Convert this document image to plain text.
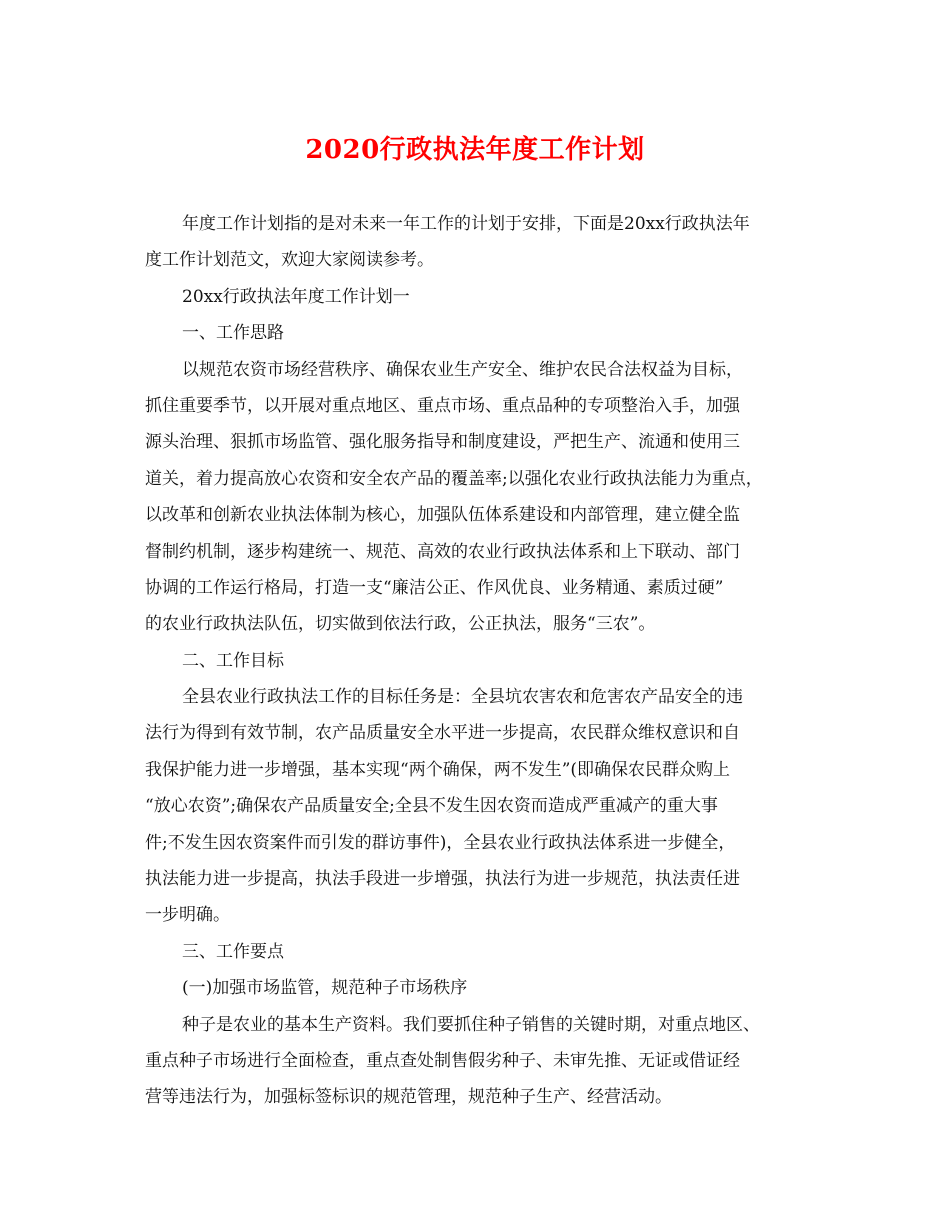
2020行政执法年度工作计划
年度工作计划指的是对未来一年工作的计划于安排，下面是20xx行政执法年
度工作计划范文，欢迎大家阅读参考。
20xx行政执法年度工作计划一
一、工作思路
以规范农资市场经营秩序、确保农业生产安全、维护农民合法权益为目标，
抓住重要季节，以开展对重点地区、重点市场、重点品种的专项整治入手，加强
源头治理、狠抓市场监管、强化服务指导和制度建设，严把生产、流通和使用三
道关，着力提高放心农资和安全农产品的覆盖率;以强化农业行政执法能力为重点，
以改革和创新农业执法体制为核心，加强队伍体系建设和内部管理，建立健全监
督制约机制，逐步构建统一、规范、高效的农业行政执法体系和上下联动、部门
协调的工作运行格局，打造一支“廉洁公正、作风优良、业务精通、素质过硬”
的农业行政执法队伍，切实做到依法行政，公正执法，服务“三农”。
二、工作目标
全县农业行政执法工作的目标任务是：全县坑农害农和危害农产品安全的违
法行为得到有效节制，农产品质量安全水平进一步提高，农民群众维权意识和自
我保护能力进一步增强，基本实现“两个确保，两不发生”(即确保农民群众购上
“放心农资”;确保农产品质量安全;全县不发生因农资而造成严重减产的重大事
件;不发生因农资案件而引发的群访事件)，全县农业行政执法体系进一步健全，
执法能力进一步提高，执法手段进一步增强，执法行为进一步规范，执法责任进
一步明确。
三、工作要点
(一)加强市场监管，规范种子市场秩序
种子是农业的基本生产资料。我们要抓住种子销售的关键时期，对重点地区、
重点种子市场进行全面检查，重点查处制售假劣种子、未审先推、无证或借证经
营等违法行为，加强标签标识的规范管理，规范种子生产、经营活动。
